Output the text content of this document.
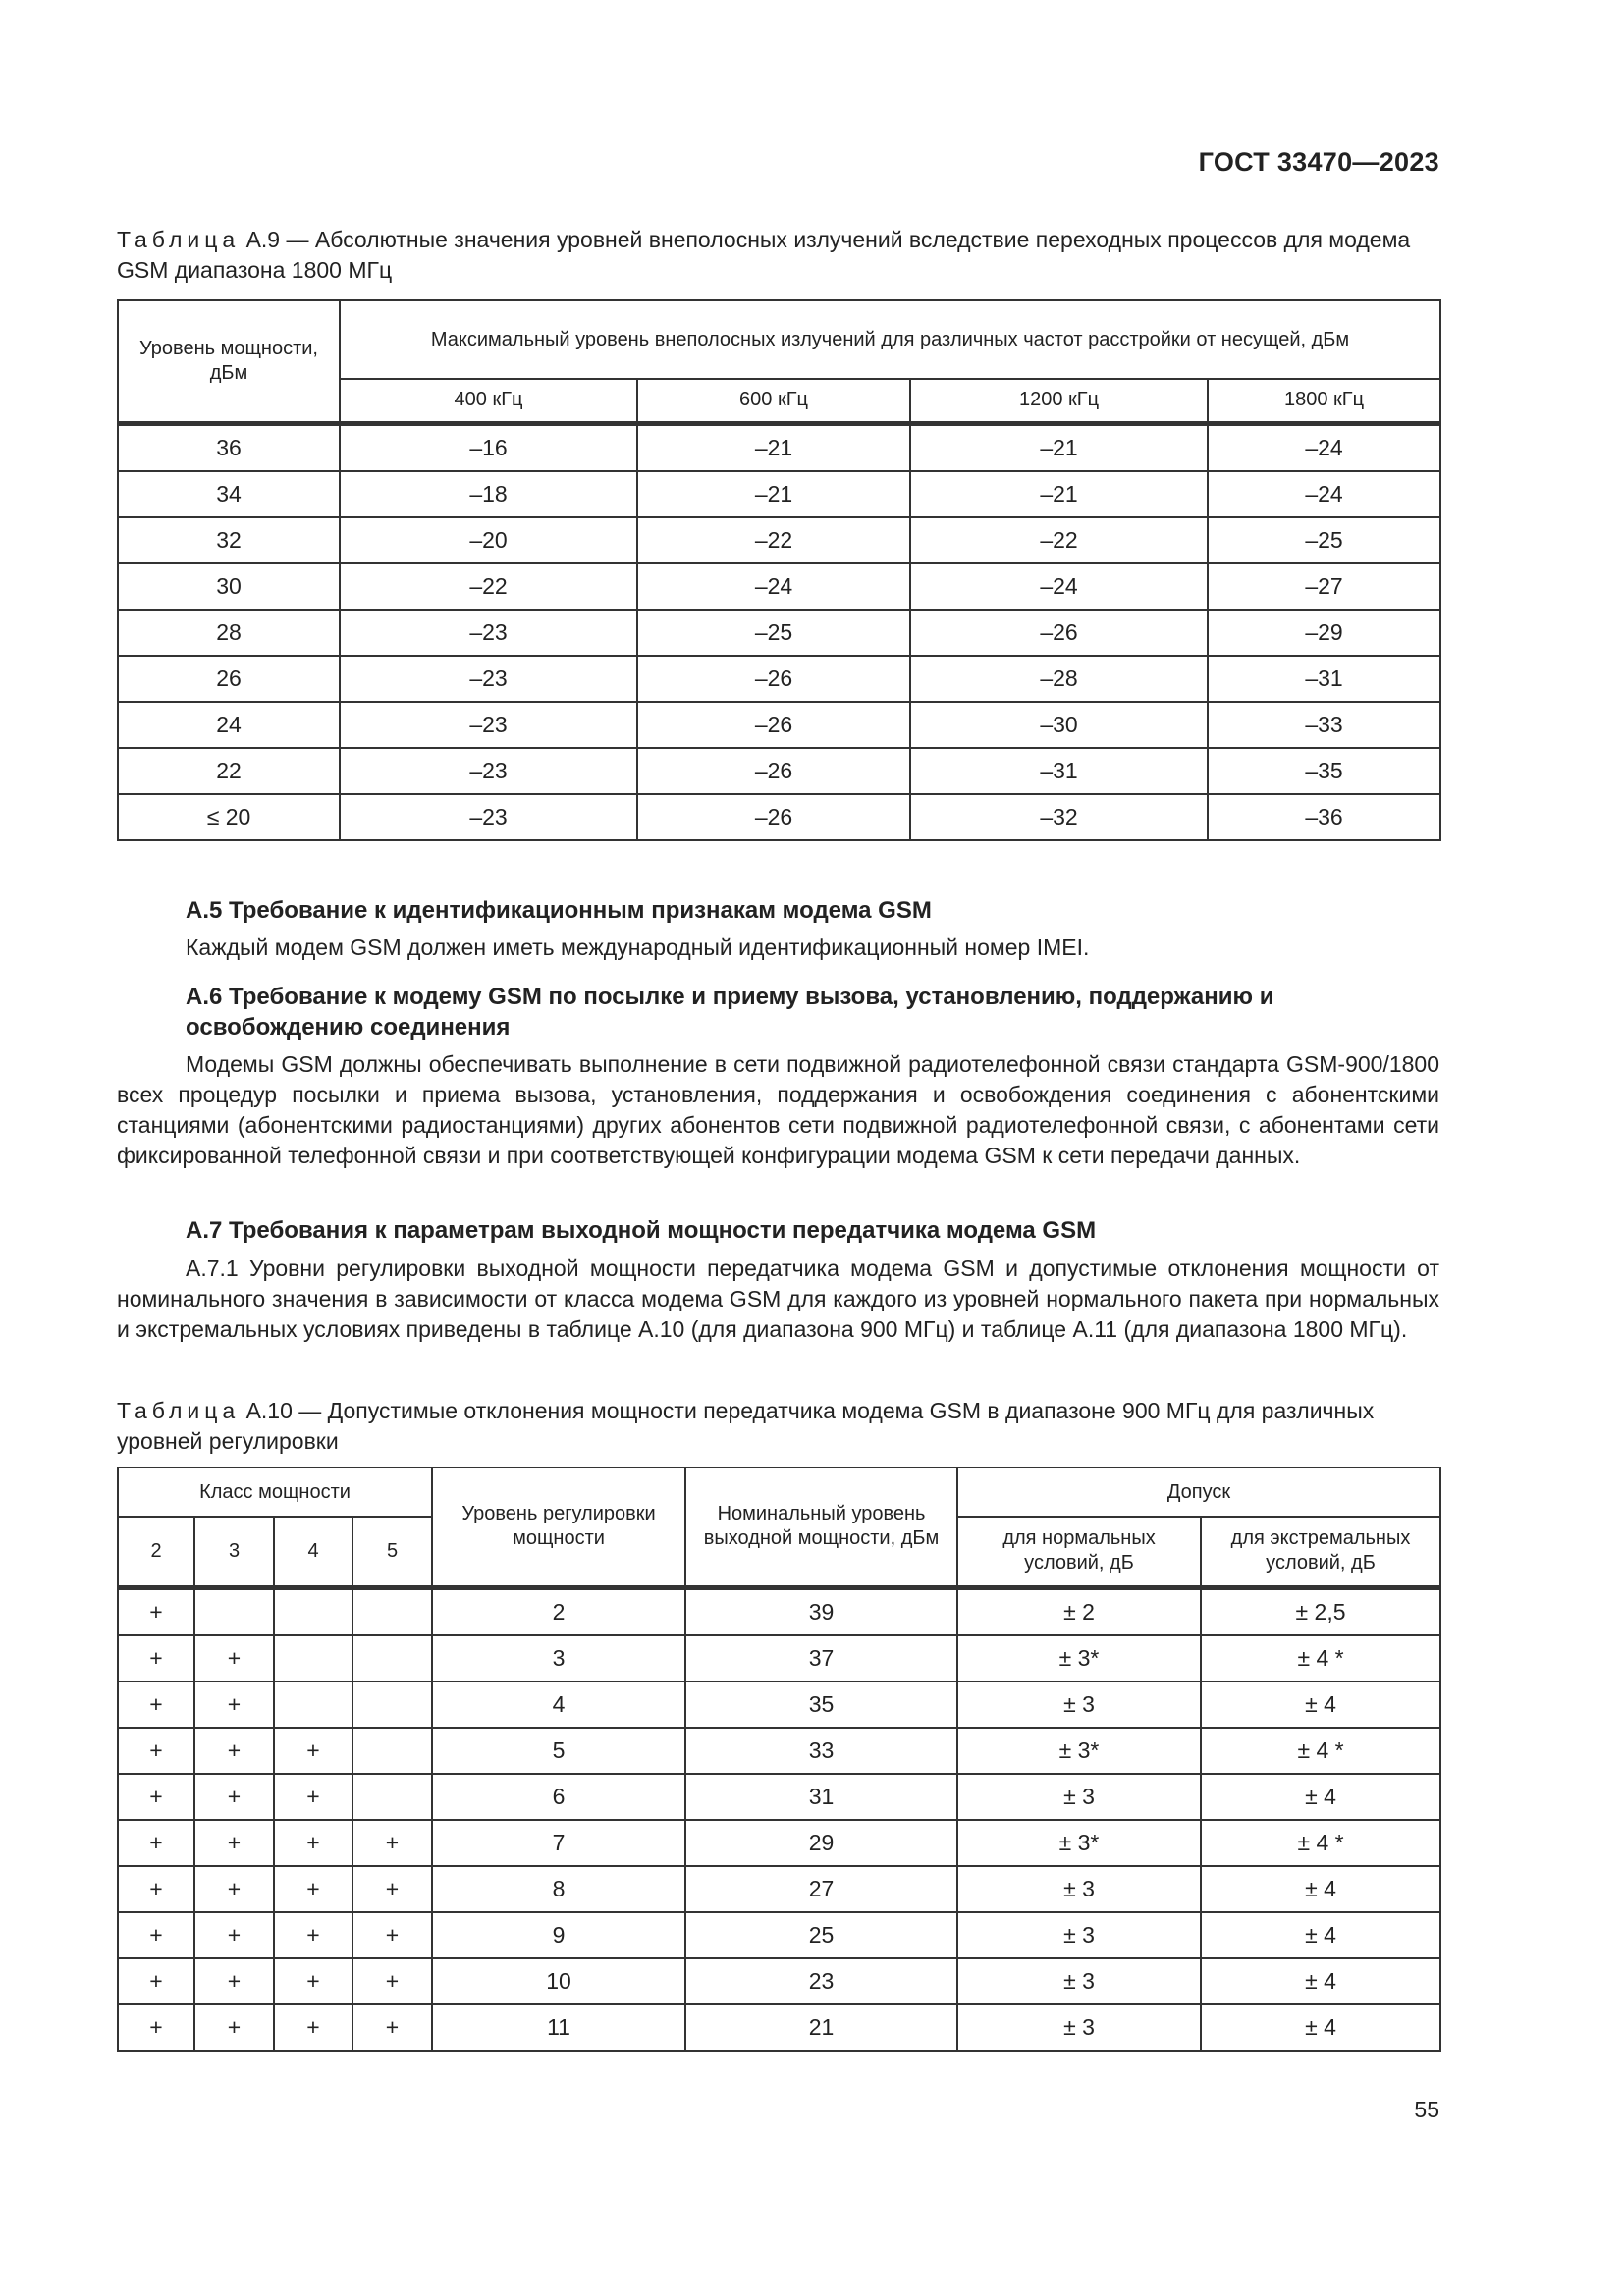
ГОСТ 33470—2023
Таблица А.9 — Абсолютные значения уровней внеполосных излучений вследствие переходных процессов для модема GSM диапазона 1800 МГц
Уровень мощности, дБм	Максимальный уровень внеполосных излучений для различных частот расстройки от несущей, дБм			
	400 кГц	600 кГц	1200 кГц	1800 кГц
36	–16	–21	–21	–24
34	–18	–21	–21	–24
32	–20	–22	–22	–25
30	–22	–24	–24	–27
28	–23	–25	–26	–29
26	–23	–26	–28	–31
24	–23	–26	–30	–33
22	–23	–26	–31	–35
≤ 20	–23	–26	–32	–36
А.5 Требование к идентификационным признакам модема GSM
Каждый модем GSM должен иметь международный идентификационный номер IMEI.
А.6 Требование к модему GSM по посылке и приему вызова, установлению, поддержанию и освобождению соединения
Модемы GSM должны обеспечивать выполнение в сети подвижной радиотелефонной связи стандарта GSM-900/1800 всех процедур посылки и приема вызова, установления, поддержания и освобождения соединения с абонентскими станциями (абонентскими радиостанциями) других абонентов сети подвижной радиотелефонной связи, с абонентами сети фиксированной телефонной связи и при соответствующей конфигурации модема GSM к сети передачи данных.
А.7 Требования к параметрам выходной мощности передатчика модема GSM
А.7.1 Уровни регулировки выходной мощности передатчика модема GSM и допустимые отклонения мощности от номинального значения в зависимости от класса модема GSM для каждого из уровней нормального пакета при нормальных и экстремальных условиях приведены в таблице А.10 (для диапазона 900 МГц) и таблице А.11 (для диапазона 1800 МГц).
Таблица А.10 — Допустимые отклонения мощности передатчика модема GSM в диапазоне 900 МГц для различных уровней регулировки
Класс мощности				Уровень регулировки мощности	Номинальный уровень выходной мощности, дБм	Допуск	
2	3	4	5			для нормальных условий, дБ	для экстремальных условий, дБ
+				2	39	± 2	± 2,5
+	+			3	37	± 3*	± 4 *
+	+			4	35	± 3	± 4
+	+	+		5	33	± 3*	± 4 *
+	+	+		6	31	± 3	± 4
+	+	+	+	7	29	± 3*	± 4 *
+	+	+	+	8	27	± 3	± 4
+	+	+	+	9	25	± 3	± 4
+	+	+	+	10	23	± 3	± 4
+	+	+	+	11	21	± 3	± 4
55
